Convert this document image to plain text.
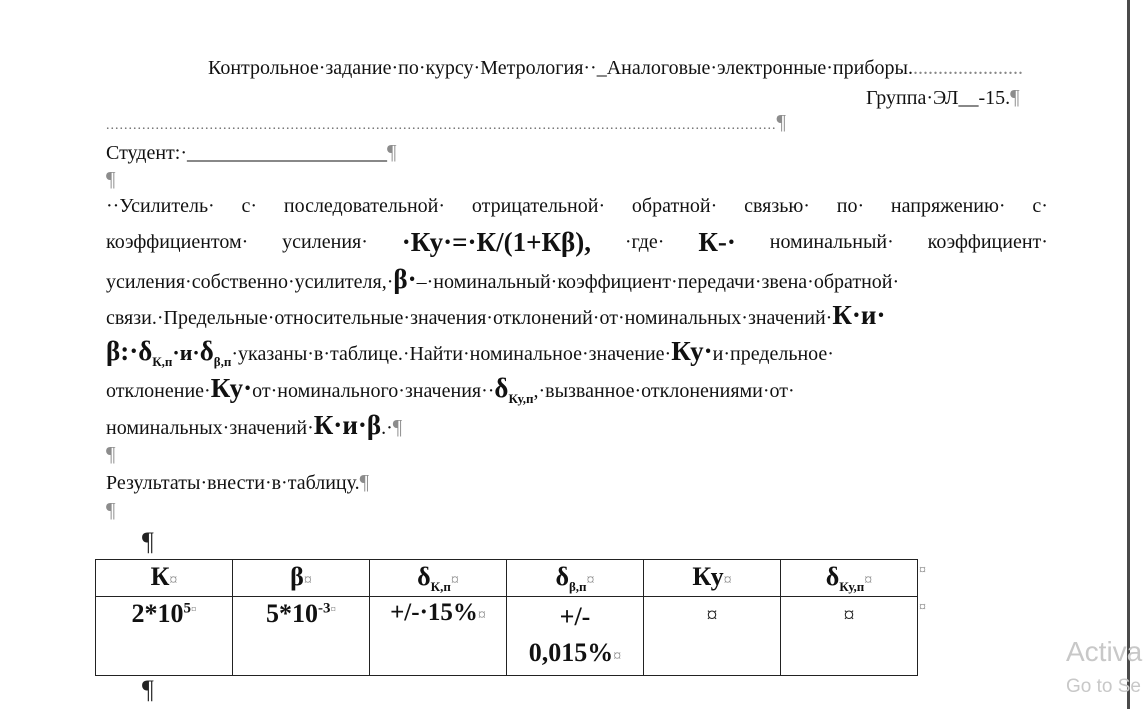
Контрольное·задание·по·курсу·Метрология··_Аналоговые·электронные·приборы.......................
Группа·ЭЛ__-15.¶
.....................................................................................................................................................¶
Студент:·____________________¶
¶
··Усилитель· с· последовательной· отрицательной· обратной· связью· по· напряжению· с·
коэффициентом· усиления· ·Ку·=·К/(1+Кβ), ·где· К-· номинальный· коэффициент·
усиления·собственно·усилителя,·β·–·номинальный·коэффициент·передачи·звена·обратной·
связи.·Предельные·относительные·значения·отклонений·от·номинальных·значений·К·и·
$\beta:\cdot\delta_{К,п}\cdot и\cdot\delta_{\beta,п}\cdot указаны\cdot в\cdot таблице.\cdot Найти\cdot номинальное\cdot значение\cdot Ку\cdot и\cdot предельное\cdot$
$отклонение\cdot Ку\cdot от\cdot номинального\cdot значения\cdot\cdot\delta_{Ку,п},\cdot вызванное\cdot отклонениями\cdot от\cdot$
номинальных·значений·К·и·β.·¶
¶
Результаты·внести·в·таблицу.¶
¶
¶
К¤	β¤	$\delta_{К,п}¤$	$\delta_{\beta,п}¤$	Ку¤	$\delta_{Ку,п}¤$
$2*10^{5¤}$	$5*10^{-3¤}$	+/-·15%¤	+/-
0,015%¤	¤	¤
¤
¤
¶
Activa
Go to Se
